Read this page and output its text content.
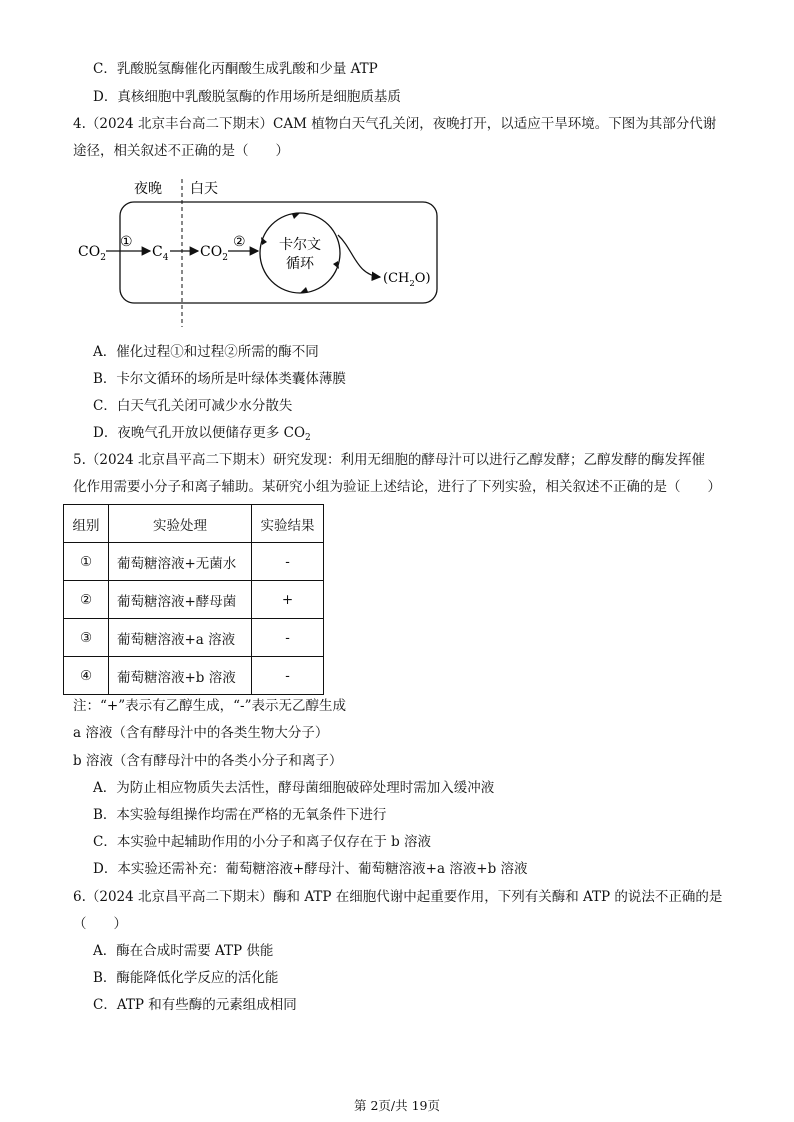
C．乳酸脱氢酶催化丙酮酸生成乳酸和少量 ATP
D．真核细胞中乳酸脱氢酶的作用场所是细胞质基质
4.（2024 北京丰台高二下期末）CAM 植物白天气孔关闭，夜晚打开，以适应干旱环境。下图为其部分代谢
途径，相关叙述不正确的是（　　）
夜晚 白天
$CO_2$
①
$C_4$ $CO_2$
② 卡尔文
循环
$(CH_2O)$
A．催化过程①和过程②所需的酶不同
B．卡尔文循环的场所是叶绿体类囊体薄膜
C．白天气孔关闭可减少水分散失
D．夜晚气孔开放以便储存更多 $CO_2$
5.（2024 北京昌平高二下期末）研究发现：利用无细胞的酵母汁可以进行乙醇发酵；乙醇发酵的酶发挥催
化作用需要小分子和离子辅助。某研究小组为验证上述结论，进行了下列实验，相关叙述不正确的是（　　）
组别	实验处理	实验结果
①	葡萄糖溶液+无菌水	-
②	葡萄糖溶液+酵母菌	+
③	葡萄糖溶液+a 溶液	-
④	葡萄糖溶液+b 溶液	-
注：“+”表示有乙醇生成，“-”表示无乙醇生成
a 溶液（含有酵母汁中的各类生物大分子）
b 溶液（含有酵母汁中的各类小分子和离子）
A．为防止相应物质失去活性，酵母菌细胞破碎处理时需加入缓冲液
B．本实验每组操作均需在严格的无氧条件下进行
C．本实验中起辅助作用的小分子和离子仅存在于 b 溶液
D．本实验还需补充：葡萄糖溶液+酵母汁、葡萄糖溶液+a 溶液+b 溶液
6.（2024 北京昌平高二下期末）酶和 ATP 在细胞代谢中起重要作用，下列有关酶和 ATP 的说法不正确的是
（　　）
A．酶在合成时需要 ATP 供能
B．酶能降低化学反应的活化能
C．ATP 和有些酶的元素组成相同
第 2页/共 19页
